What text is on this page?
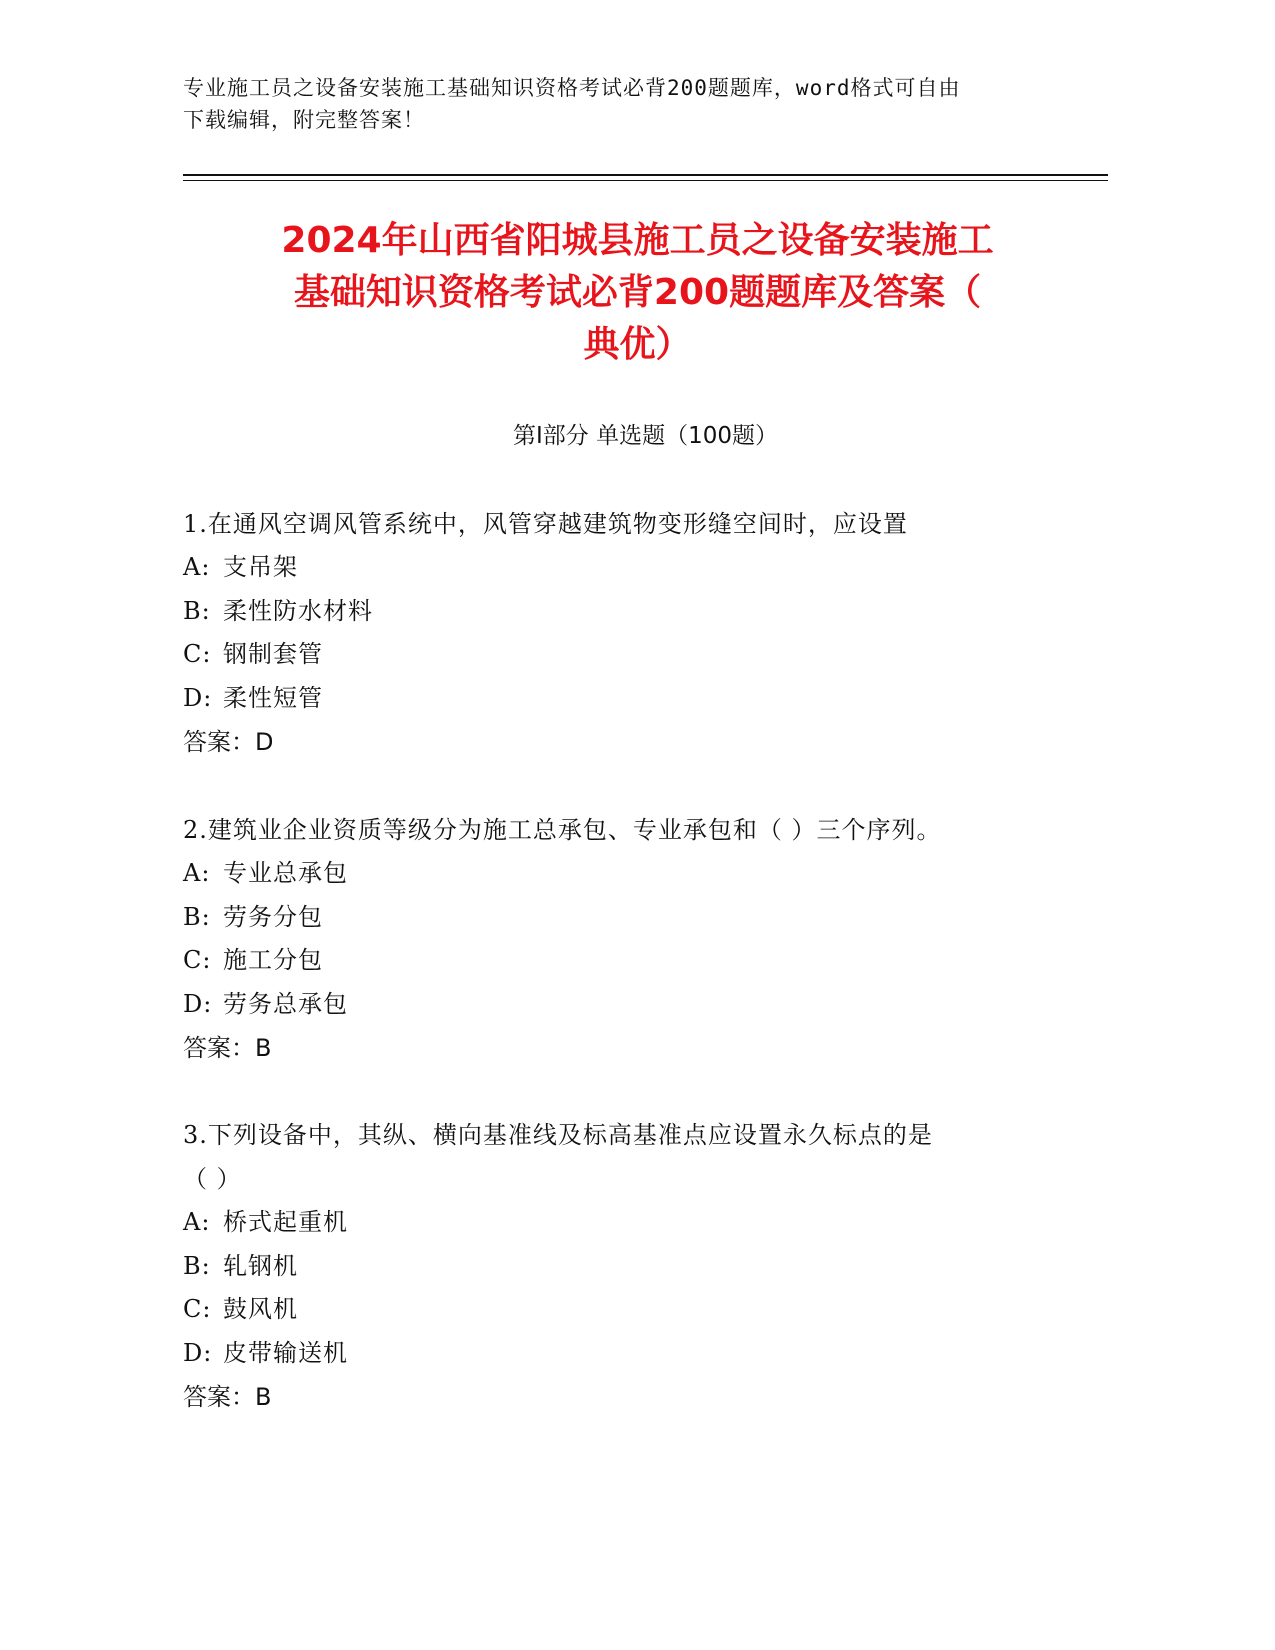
专业施工员之设备安装施工基础知识资格考试必背200题题库，word格式可自由
下载编辑，附完整答案！
2024年山西省阳城县施工员之设备安装施工
基础知识资格考试必背200题题库及答案（
典优）
第Ⅰ部分 单选题（100题）
1.在通风空调风管系统中，风管穿越建筑物变形缝空间时，应设置
A: 支吊架
B: 柔性防水材料
C: 钢制套管
D: 柔性短管
答案：D
2.建筑业企业资质等级分为施工总承包、专业承包和（ ）三个序列。
A: 专业总承包
B: 劳务分包
C: 施工分包
D: 劳务总承包
答案：B
3.下列设备中，其纵、横向基准线及标高基准点应设置永久标点的是
（ ）
A: 桥式起重机
B: 轧钢机
C: 鼓风机
D: 皮带输送机
答案：B
